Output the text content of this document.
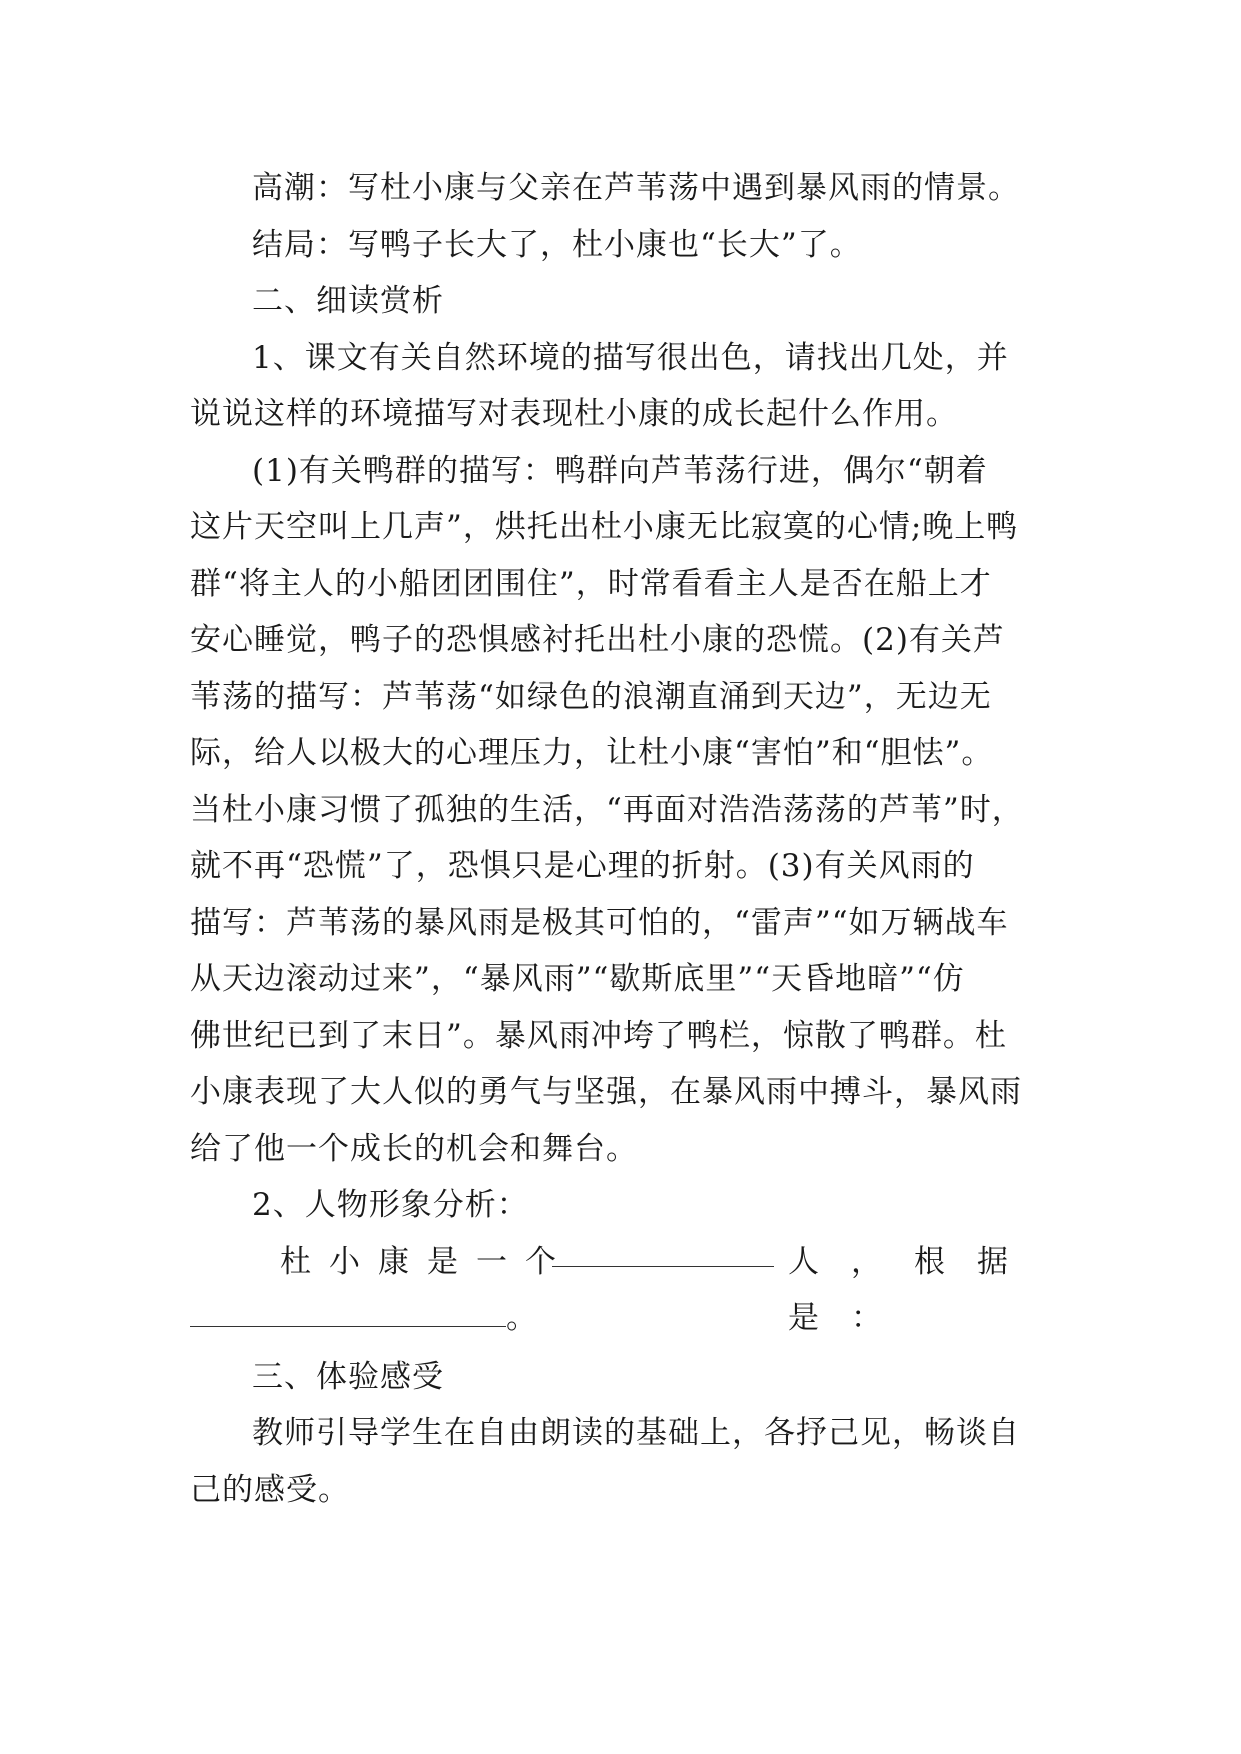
高潮：写杜小康与父亲在芦苇荡中遇到暴风雨的情景。
结局：写鸭子长大了，杜小康也“长大”了。
二、细读赏析
1、课文有关自然环境的描写很出色，请找出几处，并
说说这样的环境描写对表现杜小康的成长起什么作用。
(1)有关鸭群的描写：鸭群向芦苇荡行进，偶尔“朝着
这片天空叫上几声”，烘托出杜小康无比寂寞的心情;晚上鸭
群“将主人的小船团团围住”，时常看看主人是否在船上才
安心睡觉，鸭子的恐惧感衬托出杜小康的恐慌。(2)有关芦
苇荡的描写：芦苇荡“如绿色的浪潮直涌到天边”，无边无
际，给人以极大的心理压力，让杜小康“害怕”和“胆怯”。
当杜小康习惯了孤独的生活，“再面对浩浩荡荡的芦苇”时，
就不再“恐慌”了，恐惧只是心理的折射。(3)有关风雨的
描写：芦苇荡的暴风雨是极其可怕的，“雷声”“如万辆战车
从天边滚动过来”，“暴风雨”“歇斯底里”“天昏地暗”“仿
佛世纪已到了末日”。暴风雨冲垮了鸭栏，惊散了鸭群。杜
小康表现了大人似的勇气与坚强，在暴风雨中搏斗，暴风雨
给了他一个成长的机会和舞台。
2、人物形象分析：
杜小康是一个	人，根据是：
。
三、体验感受
教师引导学生在自由朗读的基础上，各抒己见，畅谈自
己的感受。
